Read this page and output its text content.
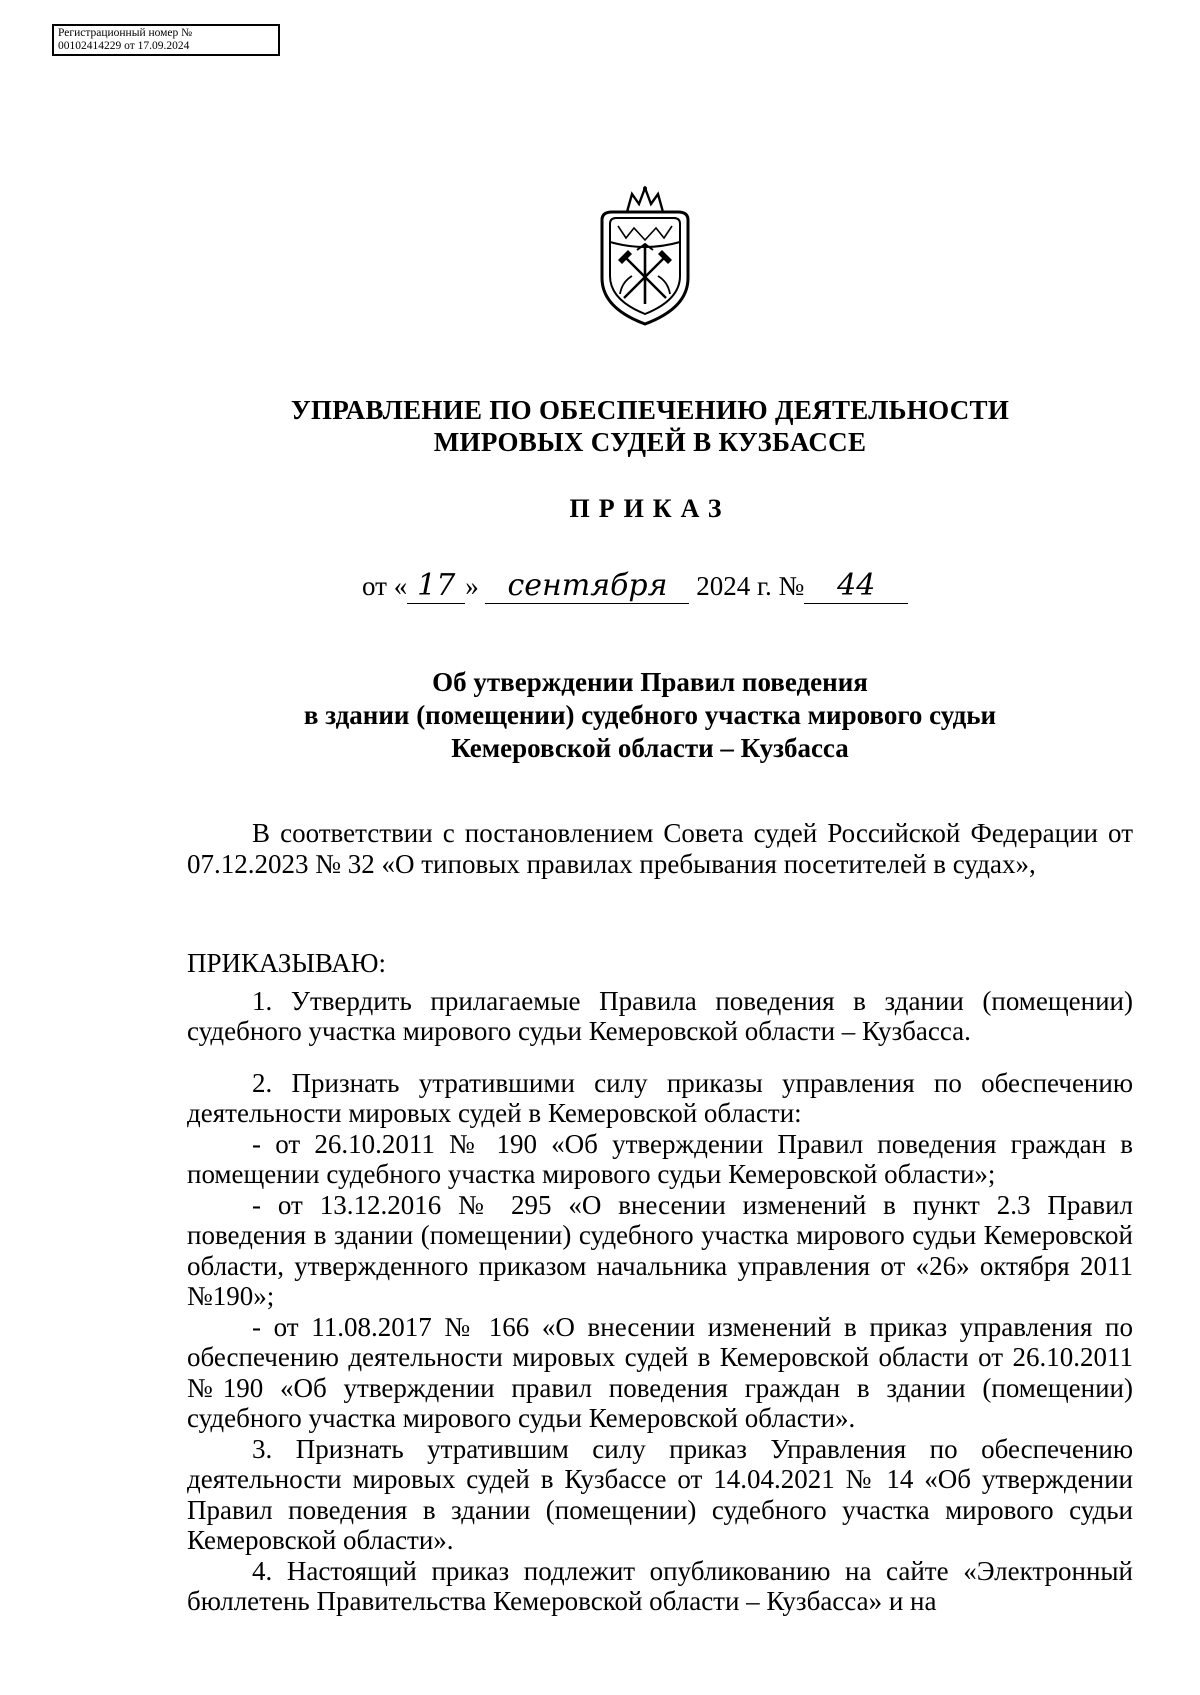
Регистрационный номер №
00102414229 от 17.09.2024
УПРАВЛЕНИЕ ПО ОБЕСПЕЧЕНИЮ ДЕЯТЕЛЬНОСТИ
МИРОВЫХ СУДЕЙ В КУЗБАССЕ
ПРИКАЗ
от « 17 » сентября 2024 г. № 44
Об утверждении Правил поведения
в здании (помещении) судебного участка мирового судьи
Кемеровской области – Кузбасса

В соответствии с постановлением Совета судей Российской Федерации от 07.12.2023 № 32 «О типовых правилах пребывания посетителей в судах»,

ПРИКАЗЫВАЮ:

1. Утвердить прилагаемые Правила поведения в здании (помещении) судебного участка мирового судьи Кемеровской области – Кузбасса.

2. Признать утратившими силу приказы управления по обеспечению деятельности мировых судей в Кемеровской области:

- от 26.10.2011 № 190 «Об утверждении Правил поведения граждан в помещении судебного участка мирового судьи Кемеровской области»;

- от 13.12.2016 № 295 «О внесении изменений в пункт 2.3 Правил поведения в здании (помещении) судебного участка мирового судьи Кемеровской области, утвержденного приказом начальника управления от «26» октября 2011 №190»;

- от 11.08.2017 № 166 «О внесении изменений в приказ управления по обеспечению деятельности мировых судей в Кемеровской области от 26.10.2011 №190 «Об утверждении правил поведения граждан в здании (помещении) судебного участка мирового судьи Кемеровской области».

3. Признать утратившим силу приказ Управления по обеспечению деятельности мировых судей в Кузбассе от 14.04.2021 № 14 «Об утверждении Правил поведения в здании (помещении) судебного участка мирового судьи Кемеровской области».

4. Настоящий приказ подлежит опубликованию на сайте «Электронный бюллетень Правительства Кемеровской области – Кузбасса» и на
